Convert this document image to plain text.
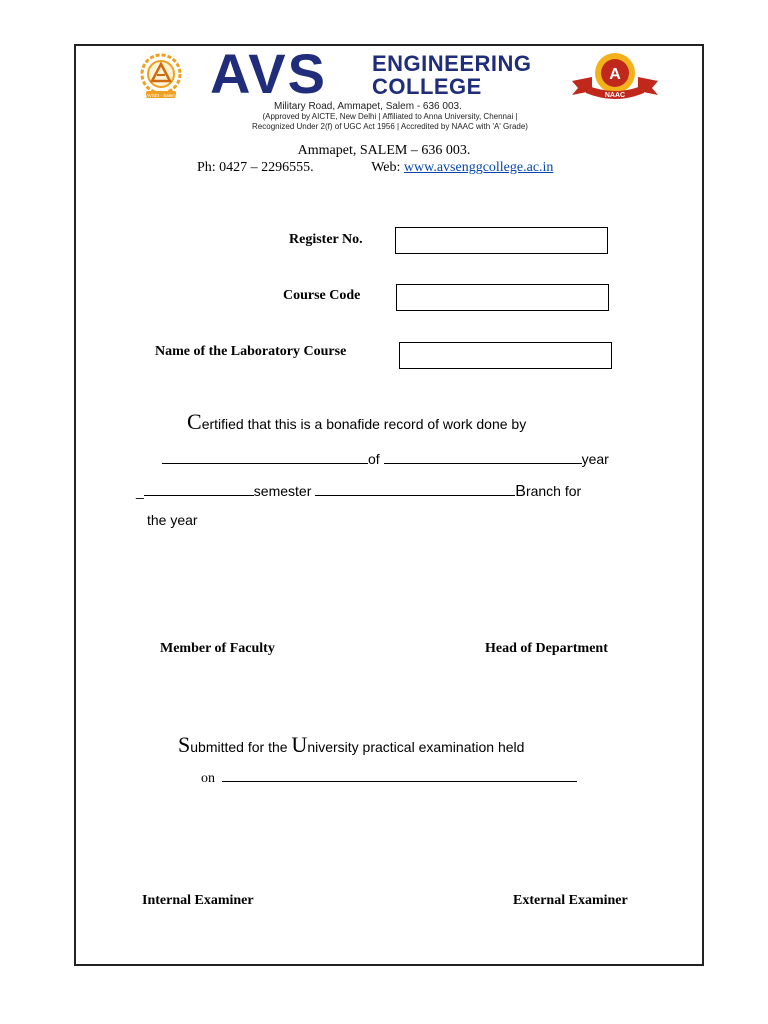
AVSEI - Salem AVS ENGINEERING
COLLEGE
Military Road, Ammapet, Salem - 636 003.
(Approved by AICTE, New Delhi | Affiliated to Anna University, Chennai |
Recognized Under 2(f) of UGC Act 1956 | Accredited by NAAC with 'A' Grade)
A
NAAC
Ammapet, SALEM – 636 003.
Ph: 0427 – 2296555.	Web: www.avsenggcollege.ac.in
Register No.
Course Code
Name of the Laboratory Course
Certified that this is a bonafide record of work done by
of	year
_	semester	Branch for
the year
Member of Faculty	Head of Department
Submitted for the University practical examination held
on
Internal Examiner	External Examiner
